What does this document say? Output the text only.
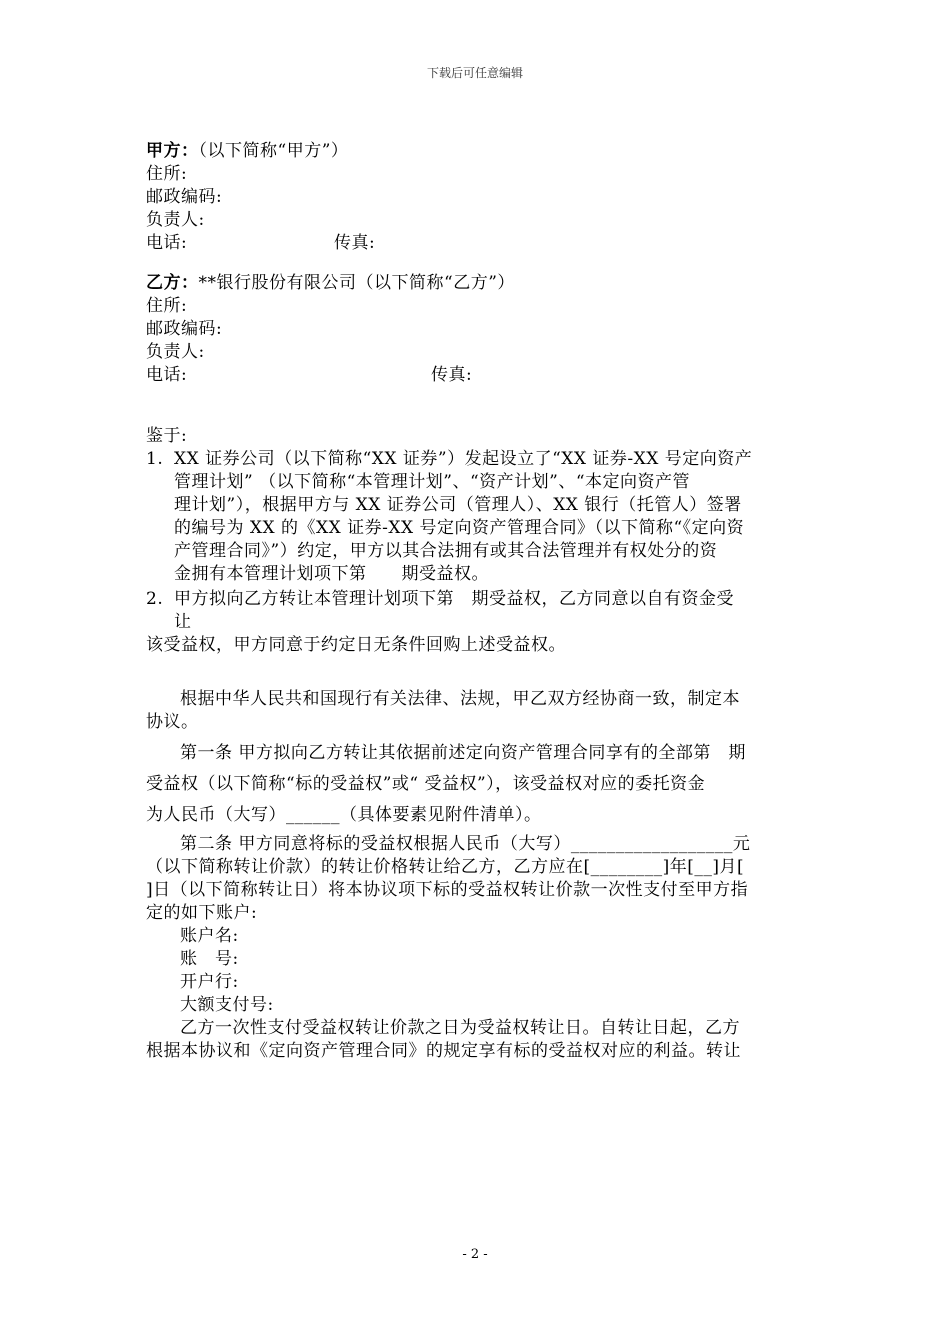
下载后可任意编辑
甲方：（以下简称“甲方”）
住所:
邮政编码:
负责人:
电话:	传真:
乙方：**银行股份有限公司（以下简称“乙方”）
住所:
邮政编码:
负责人:
电话:	传真:
鉴于:
1. XX 证券公司（以下简称“XX 证券”）发起设立了“XX 证券-XX 号定向资产
管理计划” （以下简称“本管理计划”、“资产计划”、“本定向资产管
理计划”），根据甲方与 XX 证券公司（管理人）、XX 银行（托管人）签署
的编号为 XX 的《XX 证券-XX 号定向资产管理合同》（以下简称“《定向资
产管理合同》”）约定，甲方以其合法拥有或其合法管理并有权处分的资
金拥有本管理计划项下第　　期受益权。
2. 甲方拟向乙方转让本管理计划项下第　期受益权，乙方同意以自有资金受
让
该受益权，甲方同意于约定日无条件回购上述受益权。
根据中华人民共和国现行有关法律、法规，甲乙双方经协商一致，制定本
协议。
第一条 甲方拟向乙方转让其依据前述定向资产管理合同享有的全部第　期
受益权（以下简称“标的受益权”或“ 受益权”），该受益权对应的委托资金
为人民币（大写）______（具体要素见附件清单）。
第二条 甲方同意将标的受益权根据人民币（大写）__________________元
（以下简称转让价款）的转让价格转让给乙方，乙方应在[________]年[__]月[
]日（以下简称转让日）将本协议项下标的受益权转让价款一次性支付至甲方指
定的如下账户:
账户名:
账　号:
开户行:
大额支付号:
乙方一次性支付受益权转让价款之日为受益权转让日。自转让日起，乙方
根据本协议和《定向资产管理合同》的规定享有标的受益权对应的利益。转让
- 2 -
